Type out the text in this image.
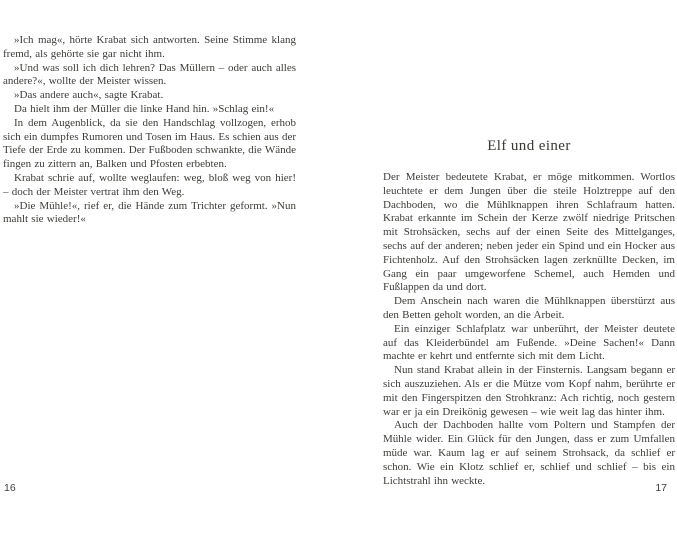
»Ich mag«, hörte Krabat sich antworten. Seine Stimme klang fremd, als gehörte sie gar nicht ihm.

»Und was soll ich dich lehren? Das Müllern – oder auch alles andere?«, wollte der Meister wissen.

»Das andere auch«, sagte Krabat.

Da hielt ihm der Müller die linke Hand hin. »Schlag ein!«

In dem Augenblick, da sie den Handschlag vollzogen, erhob sich ein dumpfes Rumoren und Tosen im Haus. Es schien aus der Tiefe der Erde zu kommen. Der Fußboden schwankte, die Wände fingen zu zittern an, Balken und Pfosten erbebten.

Krabat schrie auf, wollte weglaufen: weg, bloß weg von hier! – doch der Meister vertrat ihm den Weg.

»Die Mühle!«, rief er, die Hände zum Trichter geformt. »Nun mahlt sie wieder!«

Elf und einer

Der Meister bedeutete Krabat, er möge mitkommen. Wortlos leuchtete er dem Jungen über die steile Holztreppe auf den Dachboden, wo die Mühlknappen ihren Schlafraum hatten. Krabat erkannte im Schein der Kerze zwölf niedrige Pritschen mit Strohsäcken, sechs auf der einen Seite des Mittelganges, sechs auf der anderen; neben jeder ein Spind und ein Hocker aus Fichtenholz. Auf den Strohsäcken lagen zerknüllte Decken, im Gang ein paar umgeworfene Schemel, auch Hemden und Fußlappen da und dort.

Dem Anschein nach waren die Mühlknappen überstürzt aus den Betten geholt worden, an die Arbeit.

Ein einziger Schlafplatz war unberührt, der Meister deutete auf das Kleiderbündel am Fußende. »Deine Sachen!« Dann machte er kehrt und entfernte sich mit dem Licht.

Nun stand Krabat allein in der Finsternis. Langsam begann er sich auszuziehen. Als er die Mütze vom Kopf nahm, berührte er mit den Fingerspitzen den Strohkranz: Ach richtig, noch gestern war er ja ein Dreikönig gewesen – wie weit lag das hinter ihm.

Auch der Dachboden hallte vom Poltern und Stampfen der Mühle wider. Ein Glück für den Jungen, dass er zum Umfallen müde war. Kaum lag er auf seinem Strohsack, da schlief er schon. Wie ein Klotz schlief er, schlief und schlief – bis ein Lichtstrahl ihn weckte.

16	17
